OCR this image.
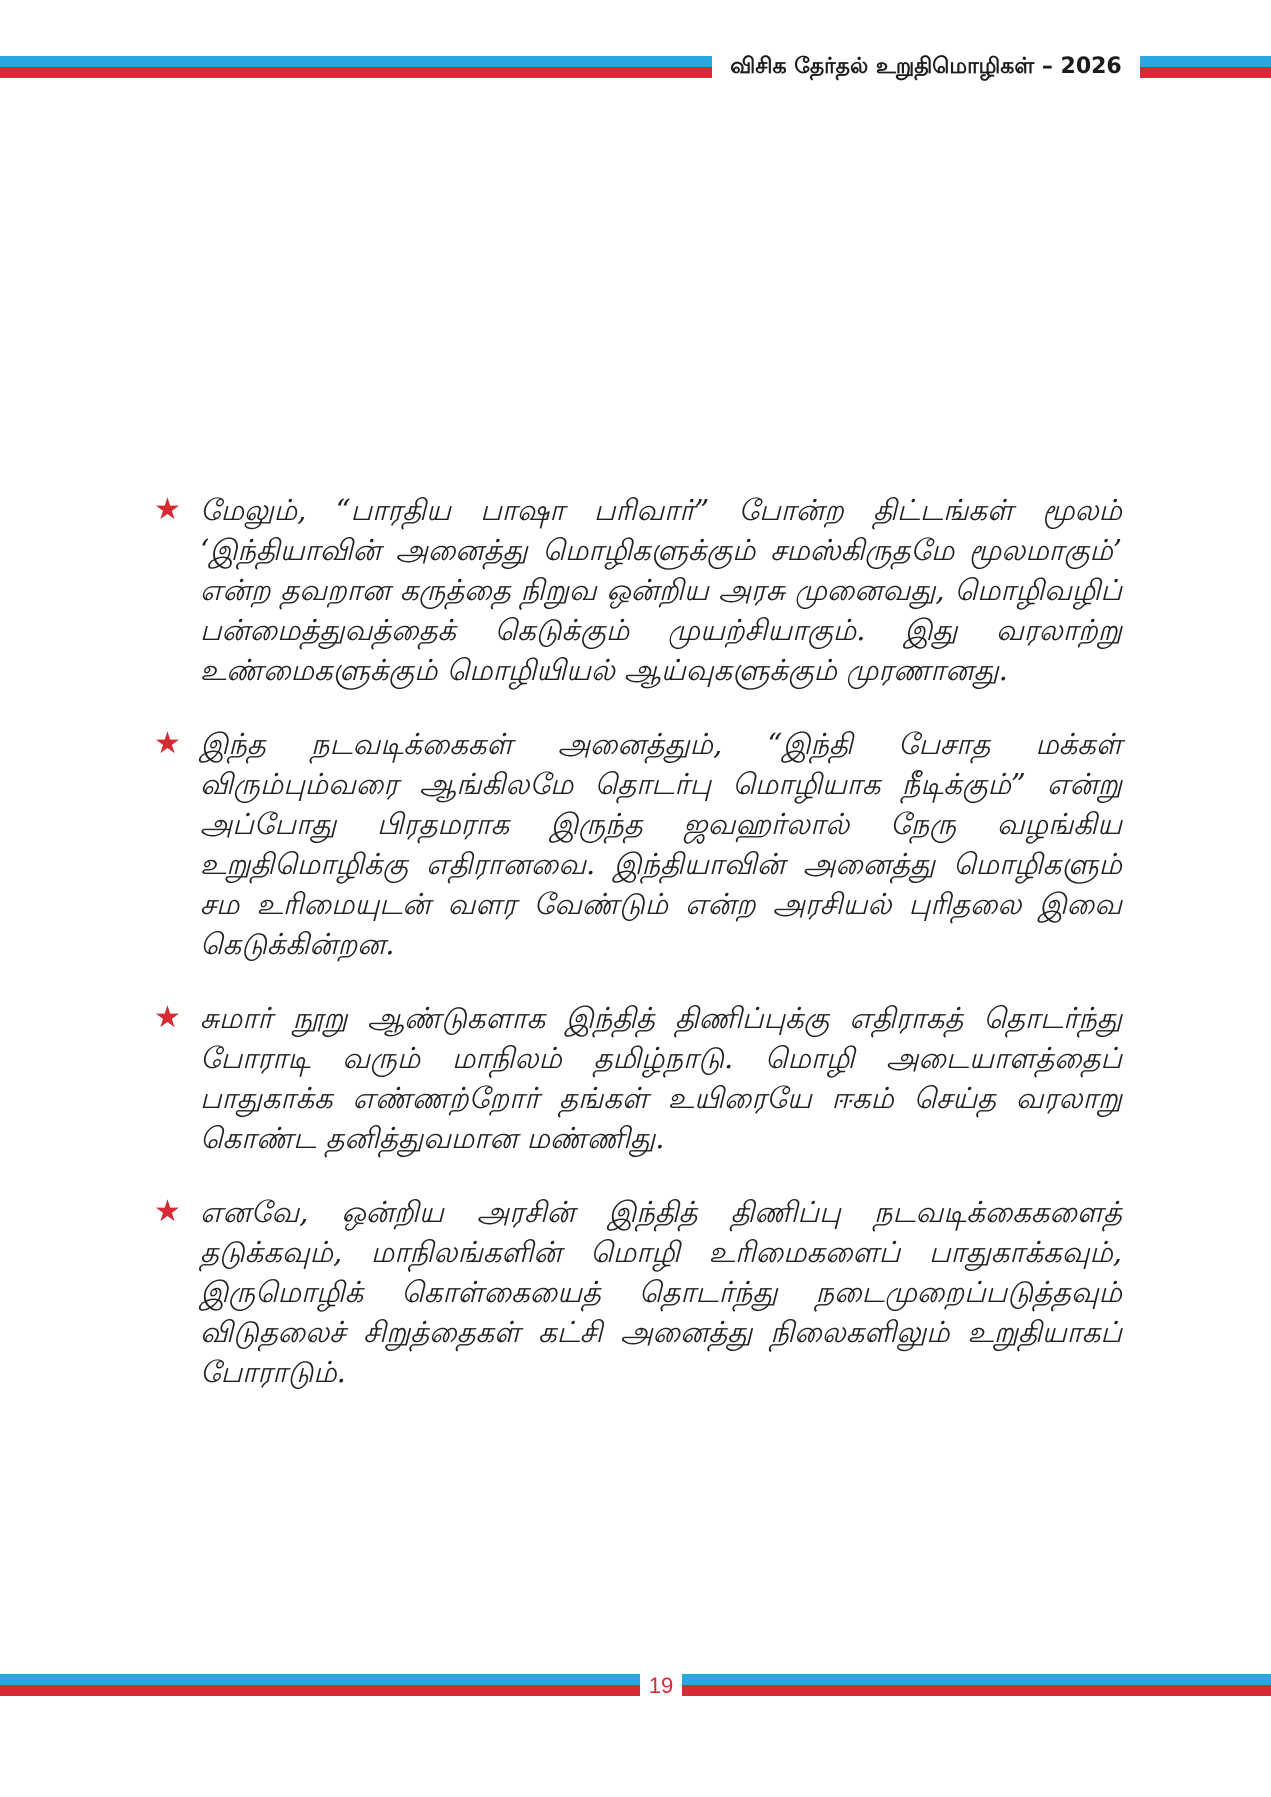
விசிக தேர்தல் உறுதிமொழிகள் – 2026
★ மேலும், “பாரதிய பாஷா பரிவார்” போன்ற திட்டங்கள் மூலம் ‘இந்தியாவின் அனைத்து மொழிகளுக்கும் சமஸ்கிருதமே மூலமாகும்’ என்ற தவறான கருத்தை நிறுவ ஒன்றிய அரசு முனைவது, மொழிவழிப் பன்மைத்துவத்தைக் கெடுக்கும் முயற்சியாகும். இது வரலாற்று உண்மைகளுக்கும் மொழியியல் ஆய்வுகளுக்கும் முரணானது.

★ இந்த நடவடிக்கைகள் அனைத்தும், “இந்தி பேசாத மக்கள் விரும்பும்வரை ஆங்கிலமே தொடர்பு மொழியாக நீடிக்கும்” என்று அப்போது பிரதமராக இருந்த ஜவஹர்லால் நேரு வழங்கிய உறுதிமொழிக்கு எதிரானவை. இந்தியாவின் அனைத்து மொழிகளும் சம உரிமையுடன் வளர வேண்டும் என்ற அரசியல் புரிதலை இவை கெடுக்கின்றன.

★ சுமார் நூறு ஆண்டுகளாக இந்தித் திணிப்புக்கு எதிராகத் தொடர்ந்து போராடி வரும் மாநிலம் தமிழ்நாடு. மொழி அடையாளத்தைப் பாதுகாக்க எண்ணற்றோர் தங்கள் உயிரையே ஈகம் செய்த வரலாறு கொண்ட தனித்துவமான மண்ணிது.

★ எனவே, ஒன்றிய அரசின் இந்தித் திணிப்பு நடவடிக்கைகளைத் தடுக்கவும், மாநிலங்களின் மொழி உரிமைகளைப் பாதுகாக்கவும், இருமொழிக் கொள்கையைத் தொடர்ந்து நடைமுறைப்படுத்தவும் விடுதலைச் சிறுத்தைகள் கட்சி அனைத்து நிலைகளிலும் உறுதியாகப் போராடும்.

19
